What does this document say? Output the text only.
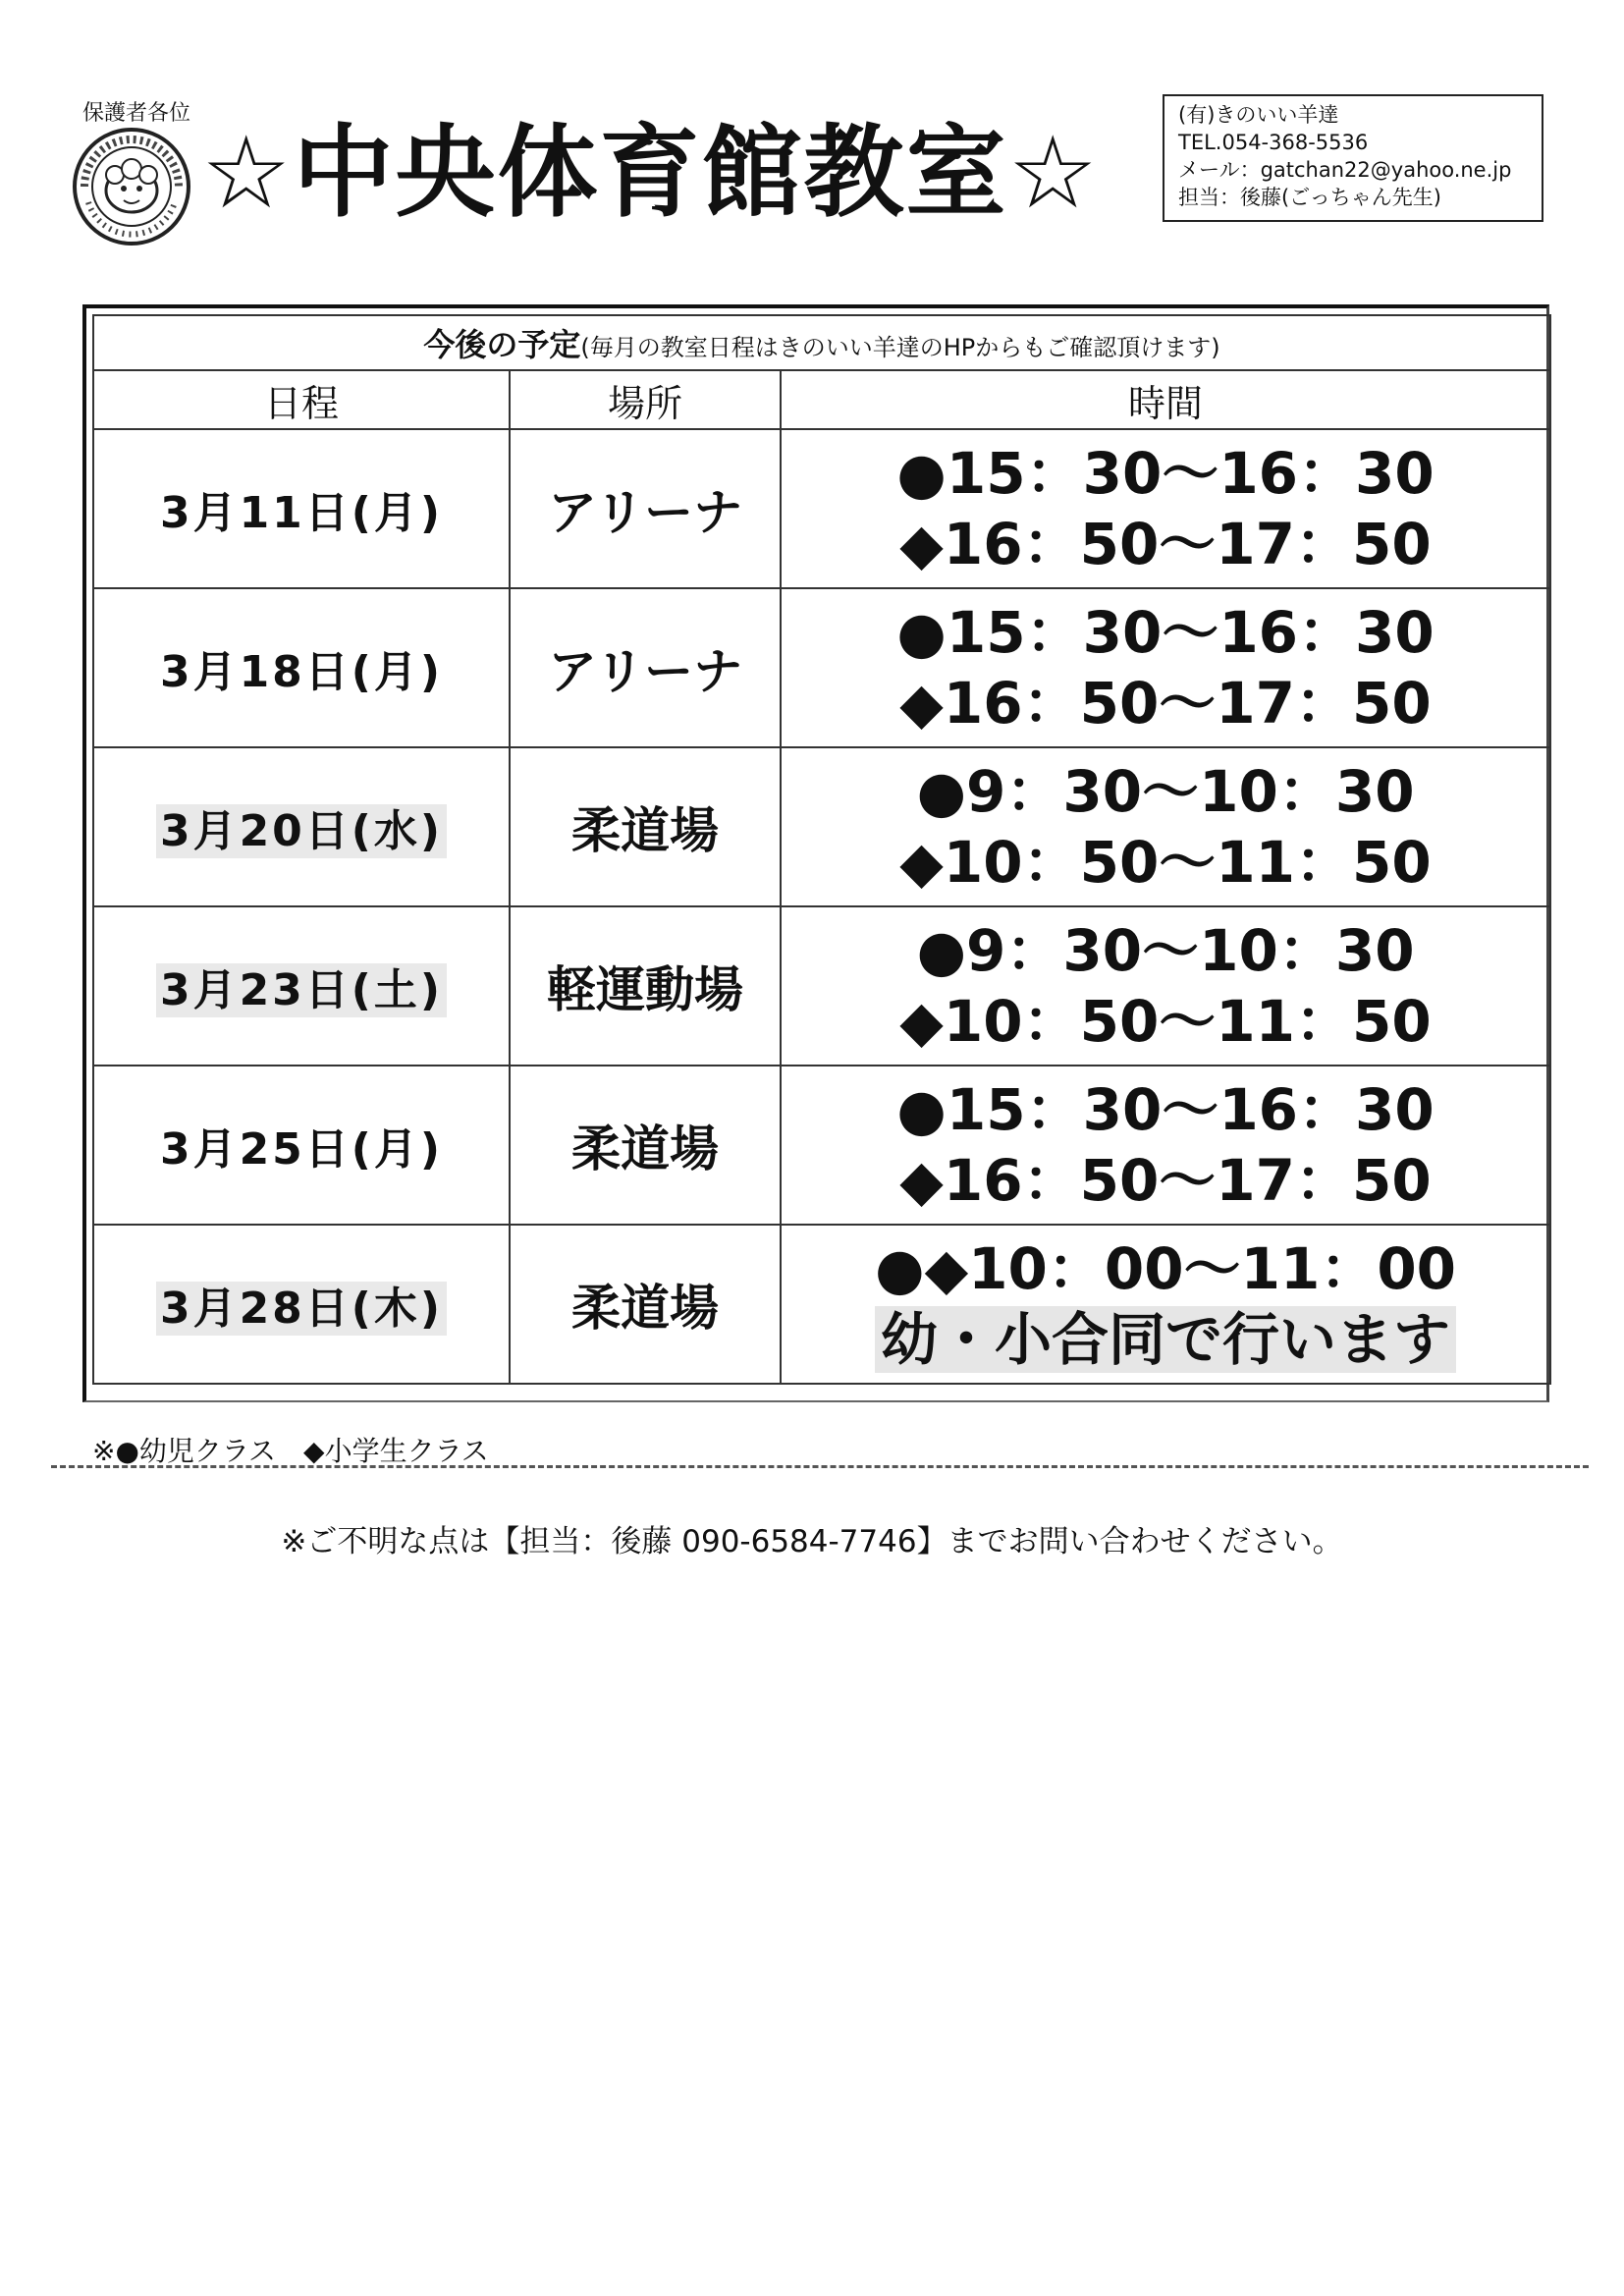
保護者各位
☆中央体育館教室☆	(有)きのいい羊達
TEL.054-368-5536
メール：gatchan22@yahoo.ne.jp
担当：後藤(ごっちゃん先生)
今後の予定(毎月の教室日程はきのいい羊達のHPからもご確認頂けます)		
日程	場所	時間
3月11日(月)	アリーナ	●15：30～16：30
◆16：50～17：50

3月18日(月)	アリーナ	●15：30～16：30
◆16：50～17：50

3月20日(水)	柔道場	●9：30～10：30
◆10：50～11：50

3月23日(土)	軽運動場	●9：30～10：30
◆10：50～11：50

3月25日(月)	柔道場	●15：30～16：30
◆16：50～17：50

3月28日(木)	柔道場	●◆10：00～11：00
幼・小合同で行います
※●幼児クラス　◆小学生クラス
※ご不明な点は【担当：後藤 090-6584-7746】までお問い合わせください。
